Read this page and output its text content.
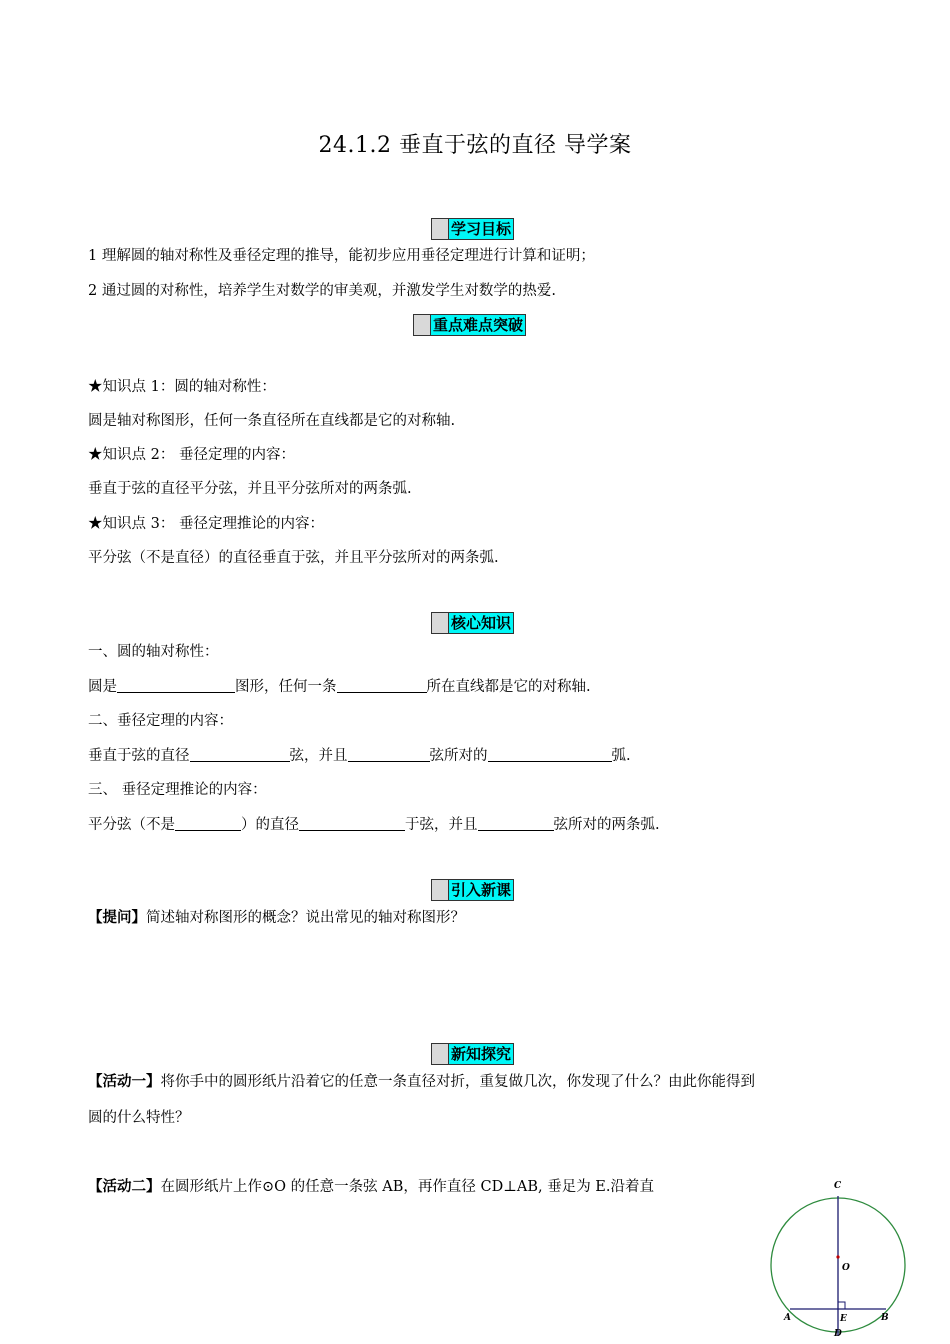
24.1.2 垂直于弦的直径 导学案
学习目标
1 理解圆的轴对称性及垂径定理的推导，能初步应用垂径定理进行计算和证明；
2 通过圆的对称性，培养学生对数学的审美观，并激发学生对数学的热爱.
重点难点突破
★知识点 1：圆的轴对称性：
圆是轴对称图形，任何一条直径所在直线都是它的对称轴.
★知识点 2： 垂径定理的内容：
垂直于弦的直径平分弦，并且平分弦所对的两条弧.
★知识点 3： 垂径定理推论的内容：
平分弦（不是直径）的直径垂直于弦，并且平分弦所对的两条弧.
核心知识
一、圆的轴对称性：
圆是	图形，任何一条	所在直线都是它的对称轴.
二、垂径定理的内容：
垂直于弦的直径	弦，并且	弦所对的	弧.
三、 垂径定理推论的内容：
平分弦（不是	）的直径	于弦，并且	弦所对的两条弧.
引入新课
【提问】简述轴对称图形的概念？说出常见的轴对称图形？
新知探究
【活动一】将你手中的圆形纸片沿着它的任意一条直径对折，重复做几次，你发现了什么？由此你能得到
圆的什么特性？
【活动二】在圆形纸片上作⊙O 的任意一条弦 AB，再作直径 CD⊥AB, 垂足为 E.沿着直	C
O
A	E	B
D
